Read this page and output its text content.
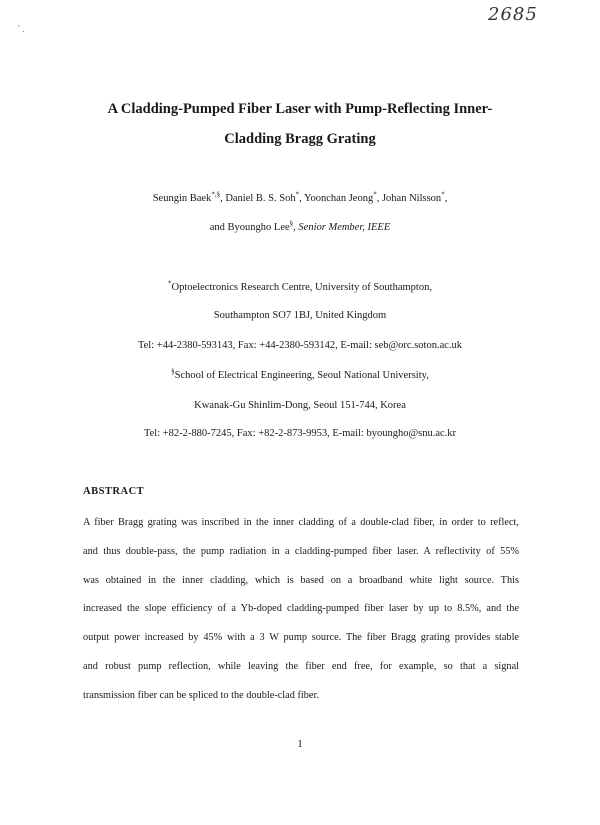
2685
' .
A Cladding-Pumped Fiber Laser with Pump-Reflecting Inner-
Cladding Bragg Grating
Seungin Baek*,§, Daniel B. S. Soh*, Yoonchan Jeong*, Johan Nilsson*,
and Byoungho Lee§, Senior Member, IEEE
*Optoelectronics Research Centre, University of Southampton,
Southampton SO7 1BJ, United Kingdom
Tel: +44-2380-593143, Fax: +44-2380-593142, E-mail: seb@orc.soton.ac.uk
§School of Electrical Engineering, Seoul National University,
Kwanak-Gu Shinlim-Dong, Seoul 151-744, Korea
Tel: +82-2-880-7245, Fax: +82-2-873-9953, E-mail: byoungho@snu.ac.kr
ABSTRACT
A fiber Bragg grating was inscribed in the inner cladding of a double-clad fiber, in order to reflect,
and thus double-pass, the pump radiation in a cladding-pumped fiber laser. A reflectivity of 55%
was obtained in the inner cladding, which is based on a broadband white light source. This
increased the slope efficiency of a Yb-doped cladding-pumped fiber laser by up to 8.5%, and the
output power increased by 45% with a 3 W pump source. The fiber Bragg grating provides stable
and robust pump reflection, while leaving the fiber end free, for example, so that a signal
transmission fiber can be spliced to the double-clad fiber.
1
